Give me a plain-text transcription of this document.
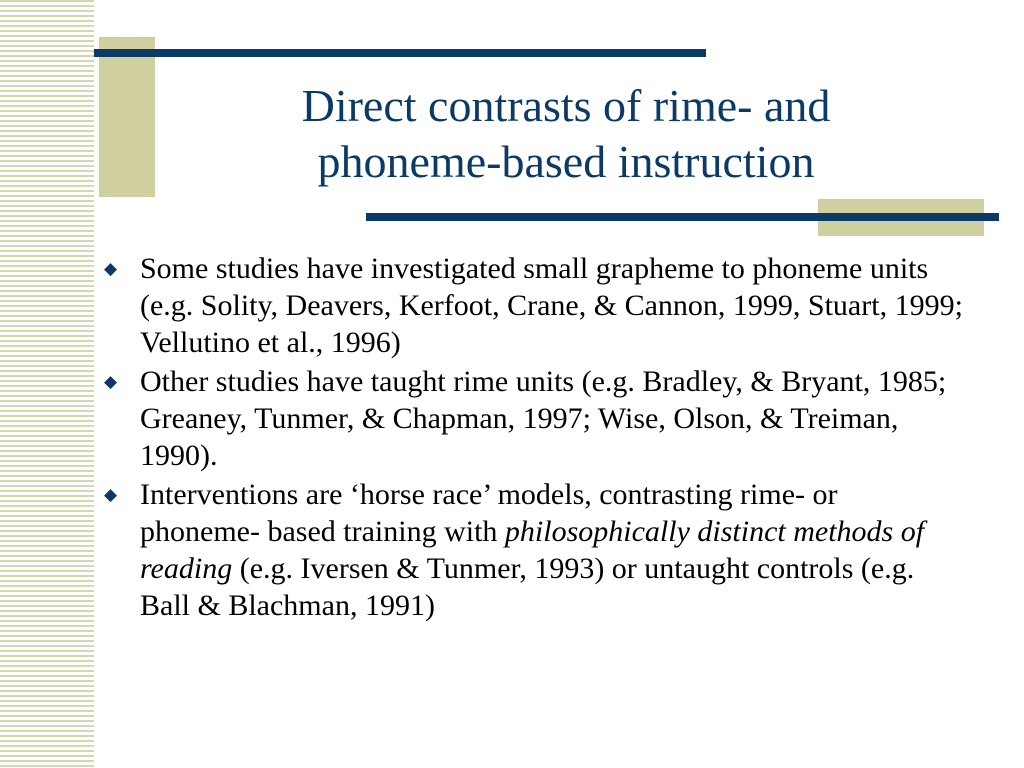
Direct contrasts of rime- and
phoneme-based instruction
◆ Some studies have investigated small grapheme to phoneme units (e.g. Solity, Deavers, Kerfoot, Crane, & Cannon, 1999, Stuart, 1999; Vellutino et al., 1996)
◆ Other studies have taught rime units (e.g. Bradley, & Bryant, 1985; Greaney, Tunmer, & Chapman, 1997; Wise, Olson, & Treiman, 1990).
◆ Interventions are ‘horse race’ models, contrasting rime- or phoneme- based training with philosophically distinct methods of reading (e.g. Iversen & Tunmer, 1993) or untaught controls (e.g. Ball & Blachman, 1991)
